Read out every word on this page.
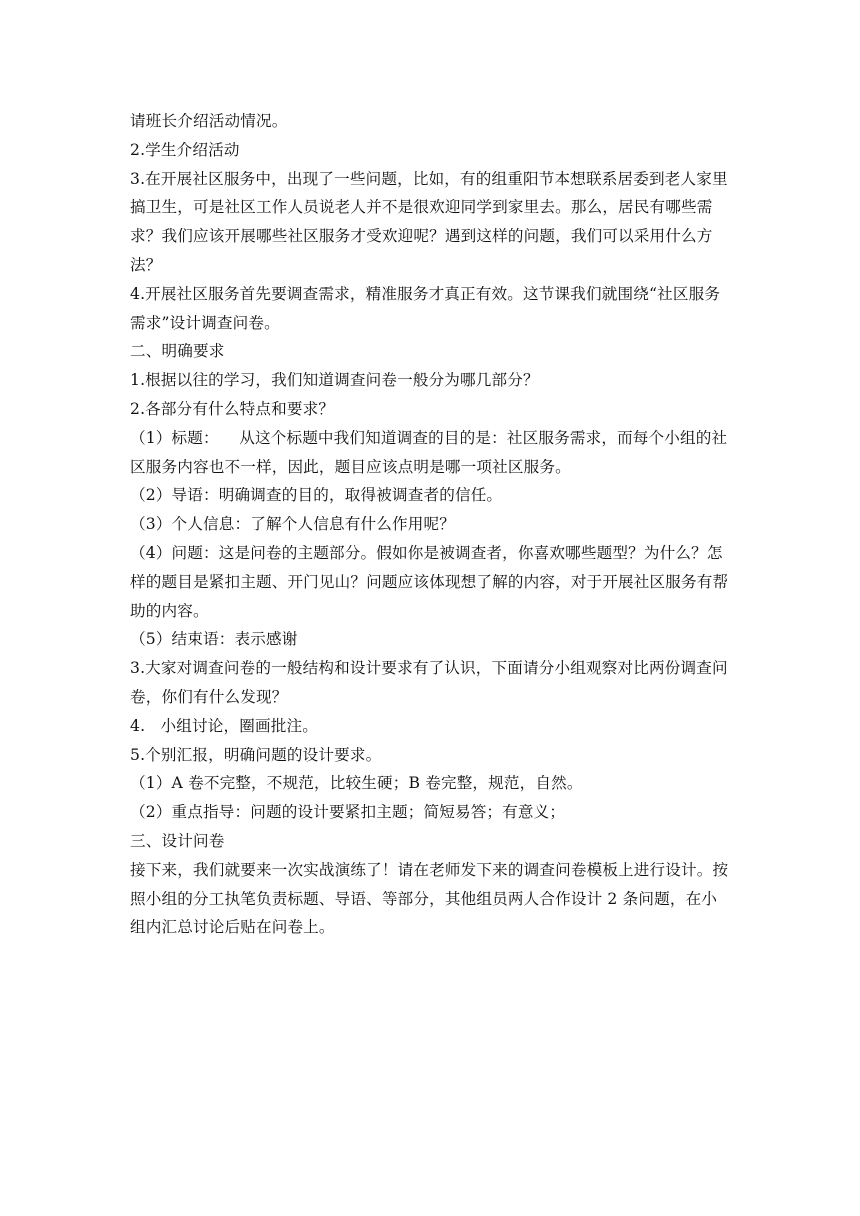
请班长介绍活动情况。

2.学生介绍活动

3.在开展社区服务中，出现了一些问题，比如，有的组重阳节本想联系居委到老人家里搞卫生，可是社区工作人员说老人并不是很欢迎同学到家里去。那么，居民有哪些需求？我们应该开展哪些社区服务才受欢迎呢？遇到这样的问题，我们可以采用什么方法？

4.开展社区服务首先要调查需求，精准服务才真正有效。这节课我们就围绕“社区服务需求”设计调查问卷。

二、明确要求

1.根据以往的学习，我们知道调查问卷一般分为哪几部分？

2.各部分有什么特点和要求？

（1）标题：    从这个标题中我们知道调查的目的是：社区服务需求，而每个小组的社区服务内容也不一样，因此，题目应该点明是哪一项社区服务。

（2）导语：明确调查的目的，取得被调查者的信任。

（3）个人信息：了解个人信息有什么作用呢？

（4）问题：这是问卷的主题部分。假如你是被调查者，你喜欢哪些题型？为什么？怎样的题目是紧扣主题、开门见山？问题应该体现想了解的内容，对于开展社区服务有帮助的内容。

（5）结束语：表示感谢

3.大家对调查问卷的一般结构和设计要求有了认识，下面请分小组观察对比两份调查问卷，你们有什么发现？

4.   小组讨论，圈画批注。

5.个别汇报，明确问题的设计要求。

（1）A 卷不完整，不规范，比较生硬；B 卷完整，规范，自然。

（2）重点指导：问题的设计要紧扣主题；简短易答；有意义；

三、设计问卷

接下来，我们就要来一次实战演练了！请在老师发下来的调查问卷模板上进行设计。按照小组的分工执笔负责标题、导语、等部分，其他组员两人合作设计 2 条问题，在小组内汇总讨论后贴在问卷上。
